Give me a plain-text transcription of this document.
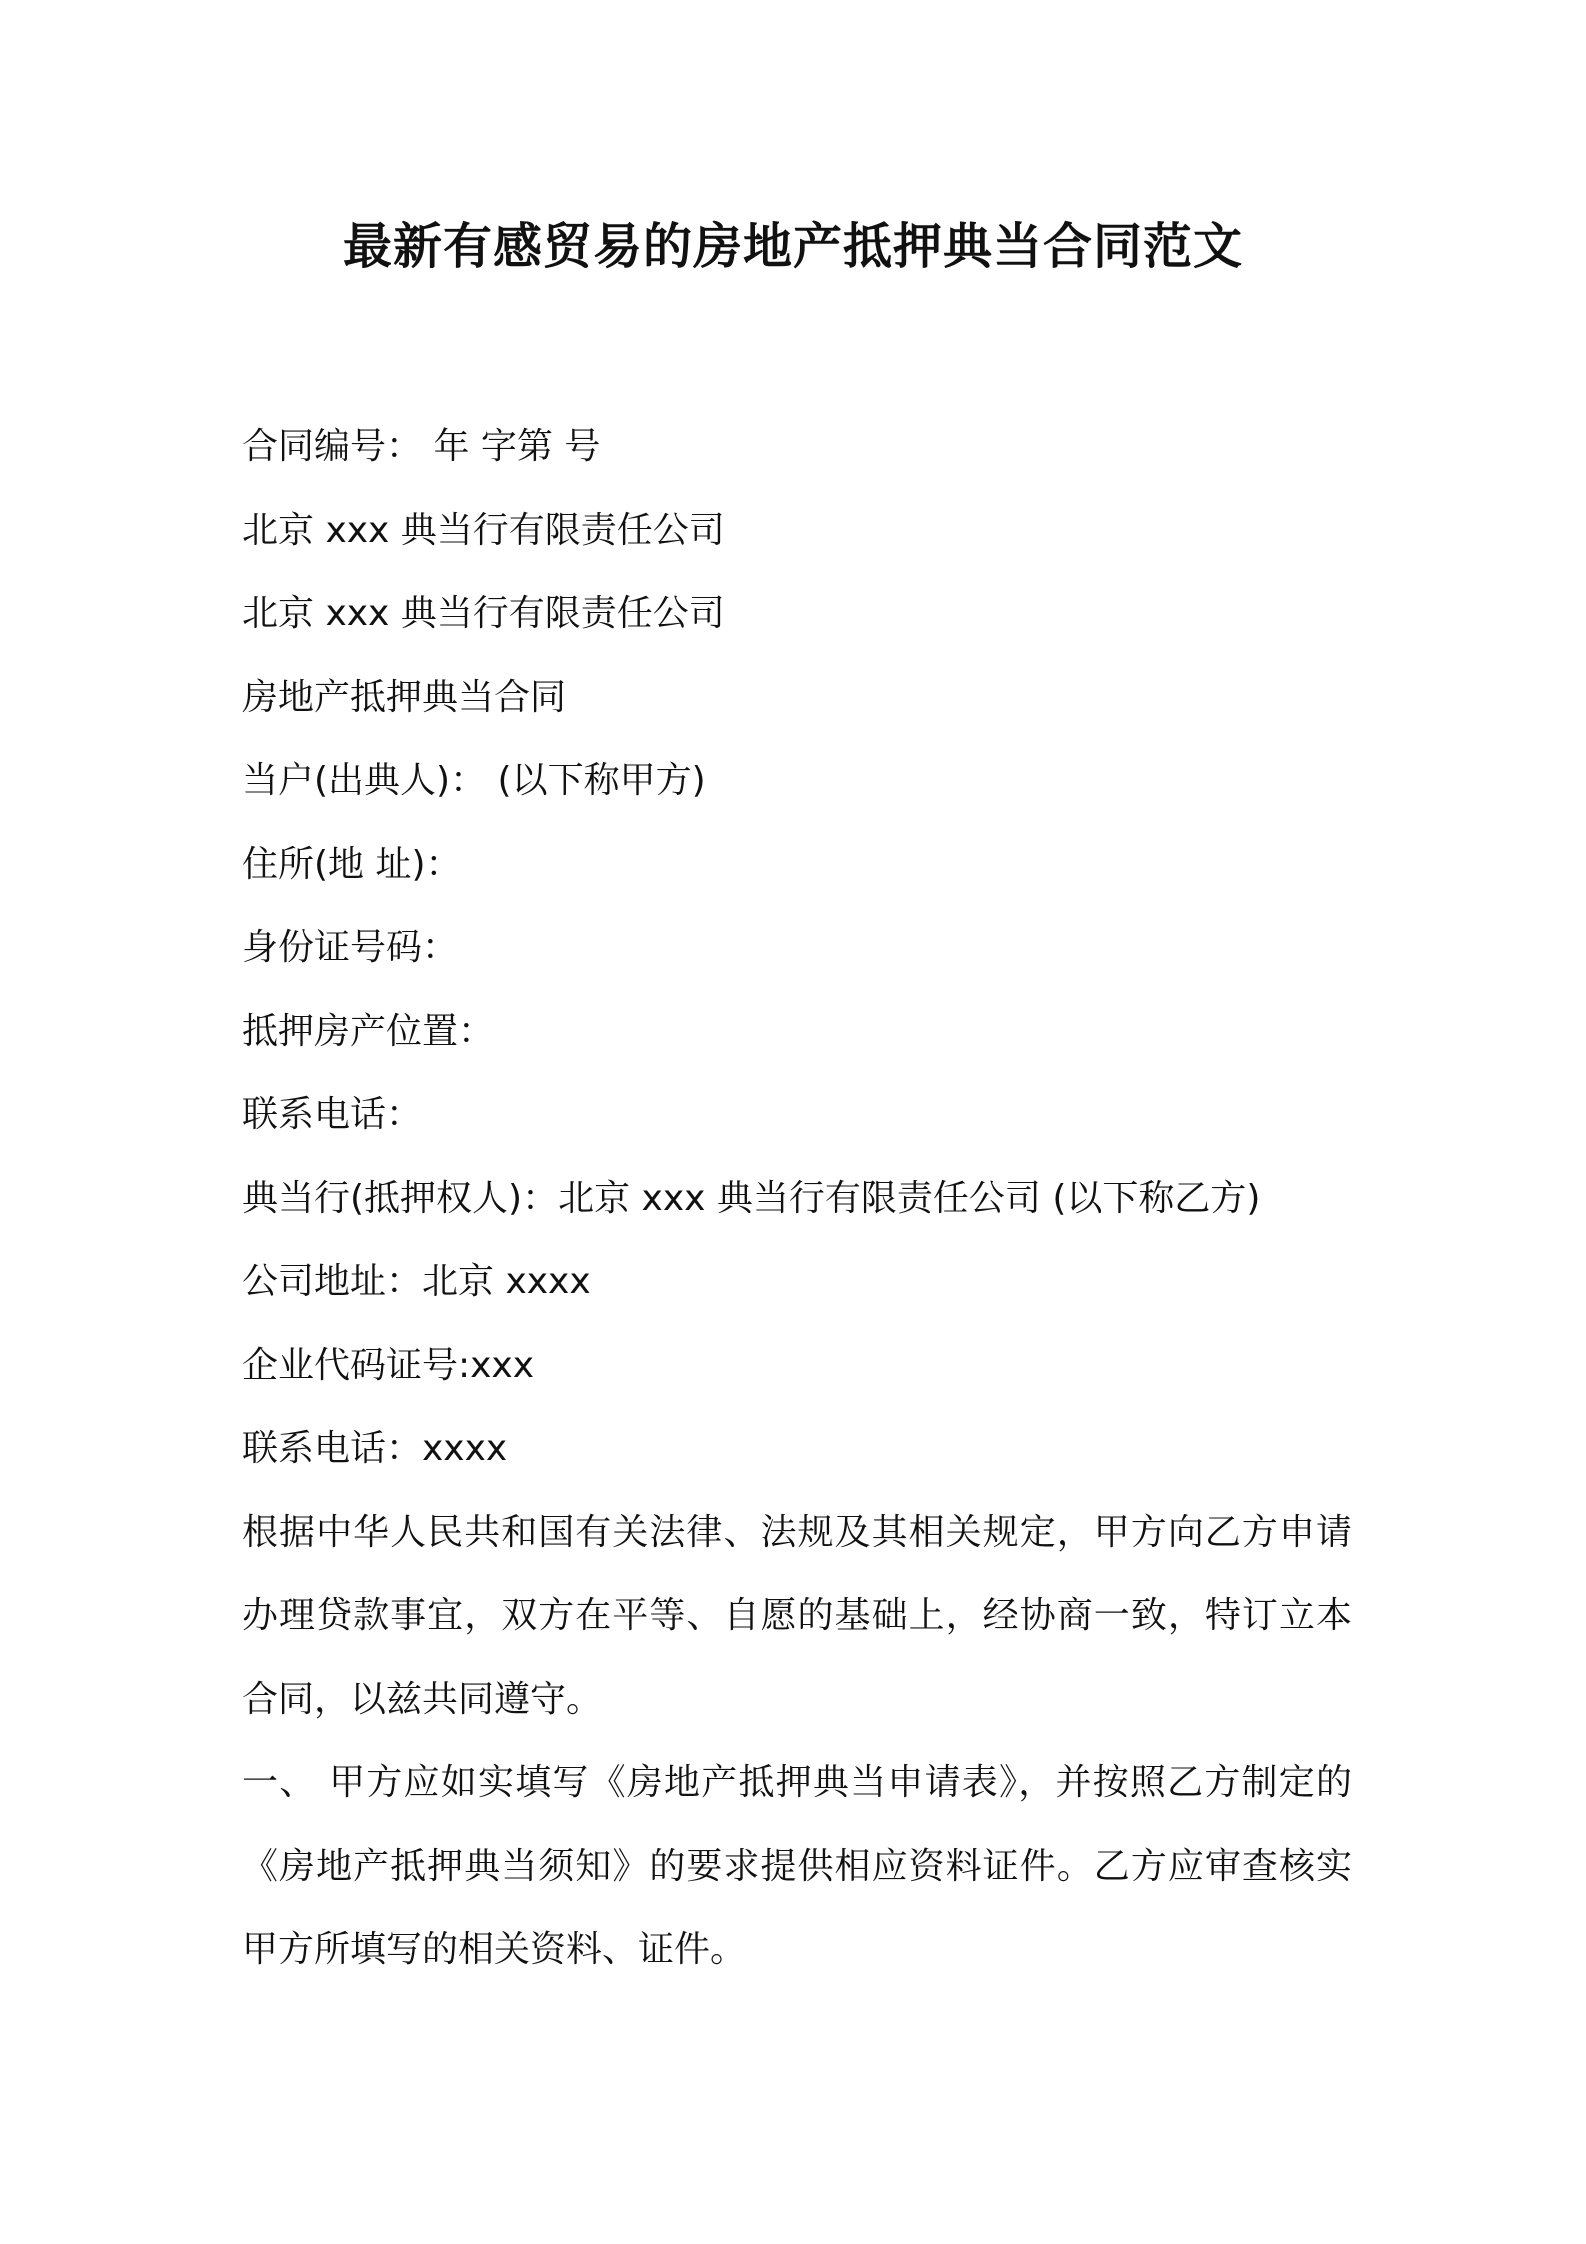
最新有感贸易的房地产抵押典当合同范文
合同编号： 年 字第 号
北京 xxx 典当行有限责任公司
北京 xxx 典当行有限责任公司
房地产抵押典当合同
当户(出典人)： (以下称甲方)
住所(地 址)：
身份证号码：
抵押房产位置：
联系电话：
典当行(抵押权人)：北京 xxx 典当行有限责任公司 (以下称乙方)
公司地址：北京 xxxx
企业代码证号:xxx
联系电话：xxxx

根据中华人民共和国有关法律、法规及其相关规定，甲方向乙方申请办理贷款事宜，双方在平等、自愿的基础上，经协商一致，特订立本合同，以兹共同遵守。

一、 甲方应如实填写《房地产抵押典当申请表》，并按照乙方制定的《房地产抵押典当须知》的要求提供相应资料证件。乙方应审查核实甲方所填写的相关资料、证件。
